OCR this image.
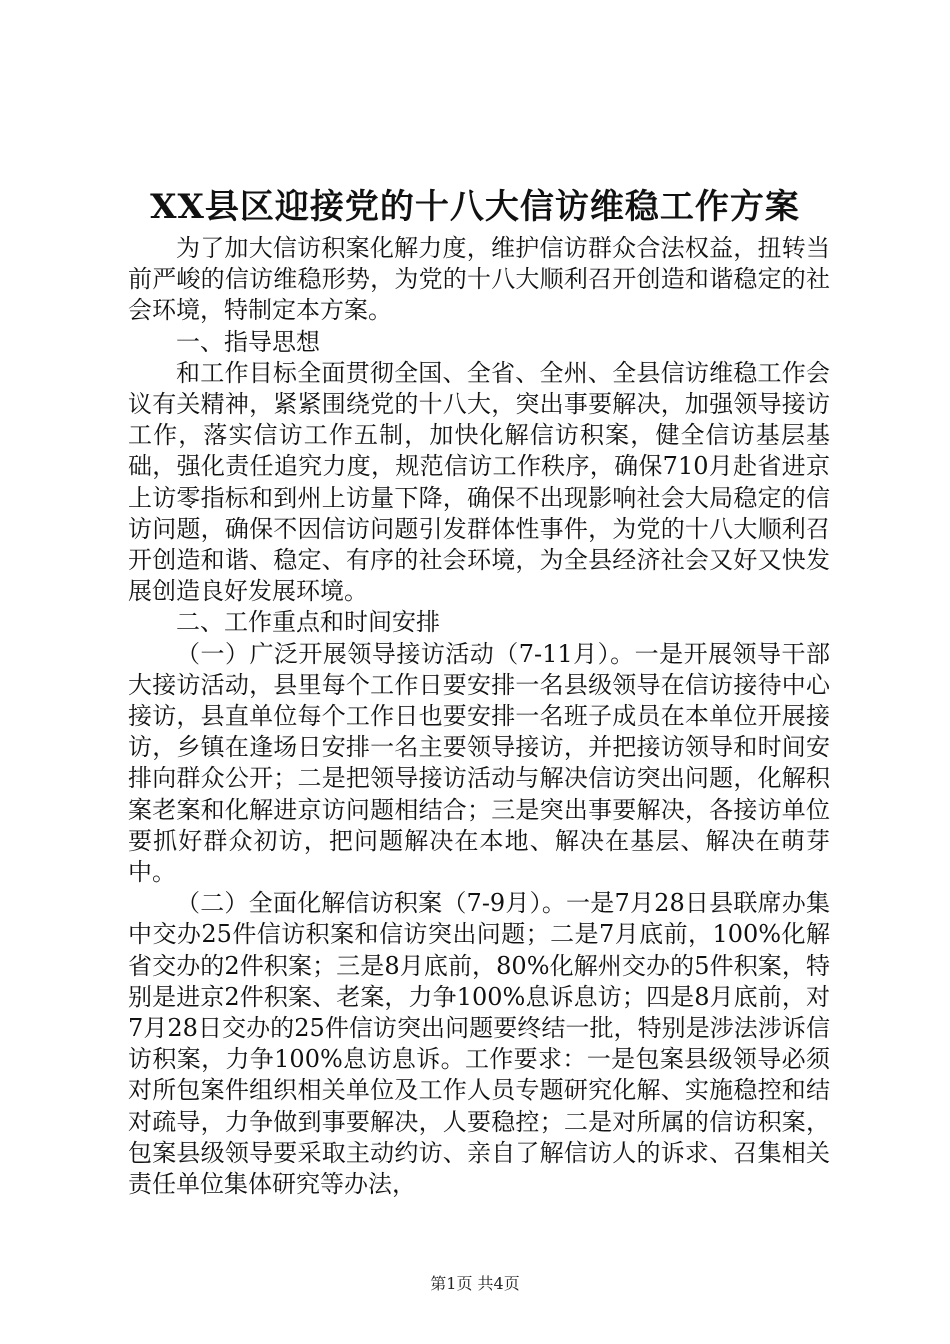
XX县区迎接党的十八大信访维稳工作方案

为了加大信访积案化解力度，维护信访群众合法权益，扭转当前严峻的信访维稳形势，为党的十八大顺利召开创造和谐稳定的社会环境，特制定本方案。

一、指导思想

和工作目标全面贯彻全国、全省、全州、全县信访维稳工作会议有关精神，紧紧围绕党的十八大，突出事要解决，加强领导接访工作，落实信访工作五制，加快化解信访积案，健全信访基层基础，强化责任追究力度，规范信访工作秩序，确保710月赴省进京上访零指标和到州上访量下降，确保不出现影响社会大局稳定的信访问题，确保不因信访问题引发群体性事件，为党的十八大顺利召开创造和谐、稳定、有序的社会环境，为全县经济社会又好又快发展创造良好发展环境。

二、工作重点和时间安排

（一）广泛开展领导接访活动（7-11月）。一是开展领导干部大接访活动，县里每个工作日要安排一名县级领导在信访接待中心接访，县直单位每个工作日也要安排一名班子成员在本单位开展接访，乡镇在逢场日安排一名主要领导接访，并把接访领导和时间安排向群众公开；二是把领导接访活动与解决信访突出问题，化解积案老案和化解进京访问题相结合；三是突出事要解决，各接访单位要抓好群众初访，把问题解决在本地、解决在基层、解决在萌芽中。

（二）全面化解信访积案（7-9月）。一是7月28日县联席办集中交办25件信访积案和信访突出问题；二是7月底前，100%化解省交办的2件积案；三是8月底前，80%化解州交办的5件积案，特别是进京2件积案、老案，力争100%息诉息访；四是8月底前，对7月28日交办的25件信访突出问题要终结一批，特别是涉法涉诉信访积案，力争100%息访息诉。工作要求：一是包案县级领导必须对所包案件组织相关单位及工作人员专题研究化解、实施稳控和结对疏导，力争做到事要解决，人要稳控；二是对所属的信访积案，包案县级领导要采取主动约访、亲自了解信访人的诉求、召集相关责任单位集体研究等办法，

第1页 共4页
